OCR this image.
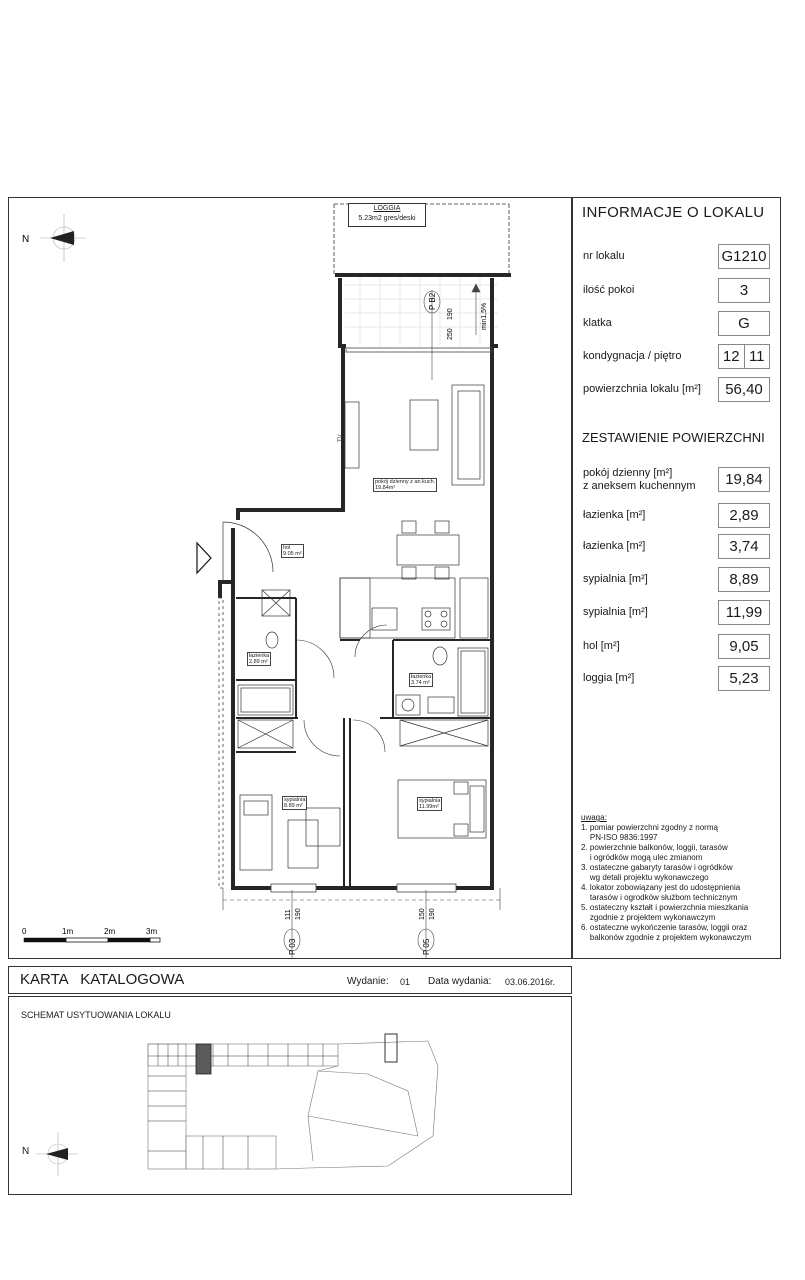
INFORMACJE O LOKALU
nr lokalu	G1210
ilość pokoi	3
klatka	G
kondygnacja / piętro	12 11
powierzchnia lokalu [m²]	56,40
ZESTAWIENIE POWIERZCHNI
pokój dzienny [m²]
z aneksem kuchennym	19,84
łazienka [m²]	2,89
łazienka [m²]	3,74
sypialnia [m²]	8,89
sypialnia [m²]	11,99
hol [m²]	9,05
loggia [m²]	5,23
uwaga:
1. pomiar powierzchni zgodny z normą
PN-ISO 9836:1997
2. powierzchnie balkonów, loggii, tarasów
i ogródków mogą ulec zmianom
3. ostateczne gabaryty tarasów i ogródków
wg detali projektu wykonawczego
4. lokator zobowiązany jest do udostępnienia
tarasów i ogrodków służbom technicznym
5. ostateczny kształt i powierzchnia mieszkania
zgodnie z projektem wykonawczym
6. ostateczne wykończenie tarasów, loggii oraz
balkonów zgodnie z projektem wykonawczym
KARTA   KATALOGOWA	Wydanie: 01 Data wydania: 03.06.2016r.
SCHEMAT USYTUOWANIA LOKALU
N
TV
P B2
190
250
min1,5%
P 03
111 190
P 05
150 190
0	1m	2m	3m
N
LOGGIA
5.23m2 gres/deski
pokój dzienny z an.kuch.
19.84m²
hol
9.05 m²
łazienka
2.89 m²
łazienka
3.74 m²
sypialnia
8.89 m²
sypialnia
11.99m²
